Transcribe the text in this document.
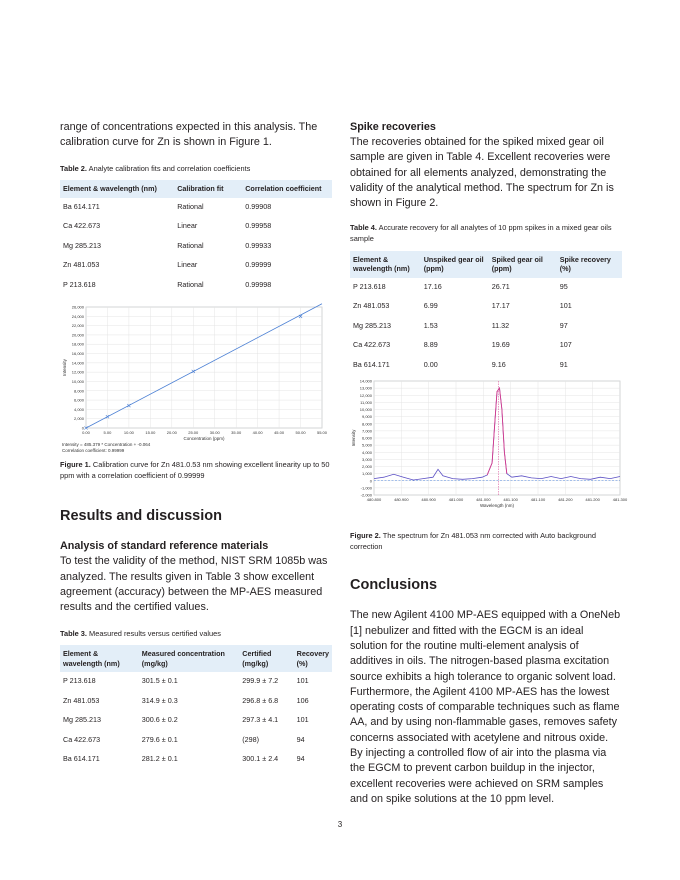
range of concentrations expected in this analysis. The calibration curve for Zn is shown in Figure 1.

Table 2. Analyte calibration fits and correlation coefficients

Element & wavelength (nm)	Calibration fit	Correlation coefficient
Ba 614.171	Rational	0.99908
Ca 422.673	Linear	0.99958
Mg 285.213	Rational	0.99933
Zn 481.053	Linear	0.99999
P 213.618	Rational	0.99998
0
2,000
4,000
6,000
8,000
10,000
12,000
14,000
16,000
18,000
20,000
22,000
24,000
26,000
0.00	5.00	10.00	15.00	20.00	25.00	30.00	35.00	40.00	45.00	50.00	55.00
Concentration (ppm)
Intensity
Intensity = 485.379 * Concentration + -0.064
Correlation coefficient: 0.99999

Figure 1. Calibration curve for Zn 481.0.53 nm showing excellent linearity up to 50 ppm with a correlation coefficient of 0.99999

Results and discussion
Analysis of standard reference materials

To test the validity of the method, NIST SRM 1085b was analyzed. The results given in Table 3 show excellent agreement (accuracy) between the MP-AES measured results and the certified values.

Table 3. Measured results versus certified values

Element & wavelength (nm)	Measured concentration (mg/kg)	Certified (mg/kg)	Recovery (%)
P 213.618	301.5 ± 0.1	299.9 ± 7.2	101
Zn 481.053	314.9 ± 0.3	296.8 ± 6.8	106
Mg 285.213	300.6 ± 0.2	297.3 ± 4.1	101
Ca 422.673	279.6 ± 0.1	(298)	94
Ba 614.171	281.2 ± 0.1	300.1 ± 2.4	94
Spike recoveries

The recoveries obtained for the spiked mixed gear oil sample are given in Table 4. Excellent recoveries were obtained for all elements analyzed, demonstrating the validity of the analytical method. The spectrum for Zn is shown in Figure 2.

Table 4. Accurate recovery for all analytes of 10 ppm spikes in a mixed gear oils sample

Element & wavelength (nm)	Unspiked gear oil (ppm)	Spiked gear oil (ppm)	Spike recovery (%)
P 213.618	17.16	26.71	95
Zn 481.053	6.99	17.17	101
Mg 285.213	1.53	11.32	97
Ca 422.673	8.89	19.69	107
Ba 614.171	0.00	9.16	91
14,000
13,000
12,000
11,000
10,000
9,000
8,000
7,000
6,000
5,000
4,000
3,000
2,000
1,000
0
-1,000
-2,000
480.800	480.900	480.900	481.000	481.000	481.100	481.100	481.200	481.200	481.300
Wavelength (nm)
Intensity

Figure 2. The spectrum for Zn 481.053 nm corrected with Auto background correction

Conclusions

The new Agilent 4100 MP-AES equipped with a OneNeb [1] nebulizer and fitted with the EGCM is an ideal solution for the routine multi-element analysis of additives in oils. The nitrogen-based plasma excitation source exhibits a high tolerance to organic solvent load. Furthermore, the Agilent 4100 MP-AES has the lowest operating costs of comparable techniques such as flame AA, and by using non-flammable gases, removes safety concerns associated with acetylene and nitrous oxide. By injecting a controlled flow of air into the plasma via the EGCM to prevent carbon buildup in the injector, excellent recoveries were achieved on SRM samples and on spike solutions at the 10 ppm level.

3
